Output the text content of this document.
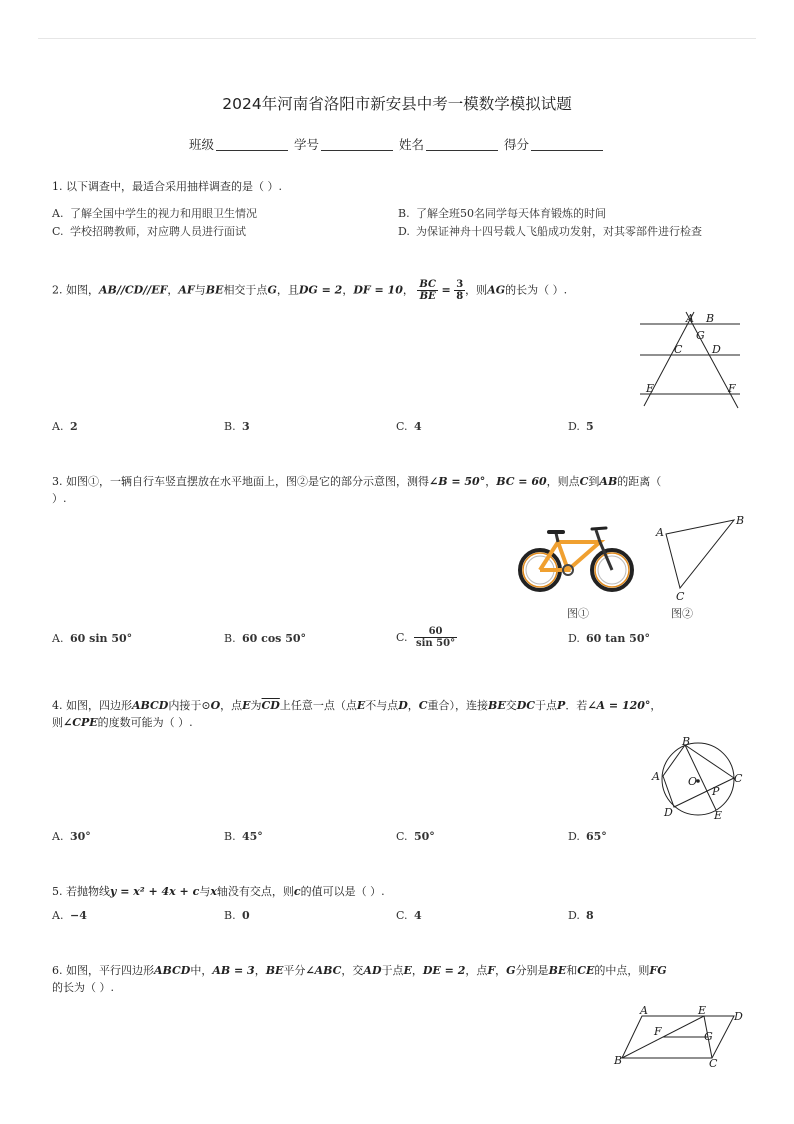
2024年河南省洛阳市新安县中考一模数学模拟试题
班级	学号	姓名	得分
1. 以下调查中，最适合采用抽样调查的是（ ）.
A. 了解全国中学生的视力和用眼卫生情况	B. 了解全班50名同学每天体育锻炼的时间
C. 学校招聘教师，对应聘人员进行面试	D. 为保证神舟十四号载人飞船成功发射，对其零部件进行检查
2. 如图，AB//CD//EF，AF与BE相交于点G，且DG = 2，DF = 10， $\frac{BC}{BE} = \frac{3}{8}$ ，则AG的长为（ ）.
A B
G
C	D
E	F
A. 2	B. 3	C. 4	D. 5
3. 如图①，一辆自行车竖直摆放在水平地面上，图②是它的部分示意图，测得∠B = 50°，BC = 60，则点C到AB的距离（
）.
图①
A
B
C
图②
A. 60 sin 50°	B. 60 cos 50°	C. $\frac{60}{\sin 50^\circ}$	D. 60 tan 50°
4. 如图，四边形ABCD内接于⊙O，点E为$\overline{CD}$上任意一点（点E不与点D，C重合），连接BE交DC于点P．若∠A = 120°，
则∠CPE的度数可能为（ ）.
B
C
A
D	E
O
P
A. 30°	B. 45°	C. 50°	D. 65°
5. 若抛物线y = x² + 4x + c与x轴没有交点，则c的值可以是（ ）.
A. −4	B. 0	C. 4	D. 8
6. 如图，平行四边形ABCD中，AB = 3，BE平分∠ABC，交AD于点E，DE = 2，点F，G分别是BE和CE的中点，则FG
的长为（ ）.
A	E	D
F	G
B	C
